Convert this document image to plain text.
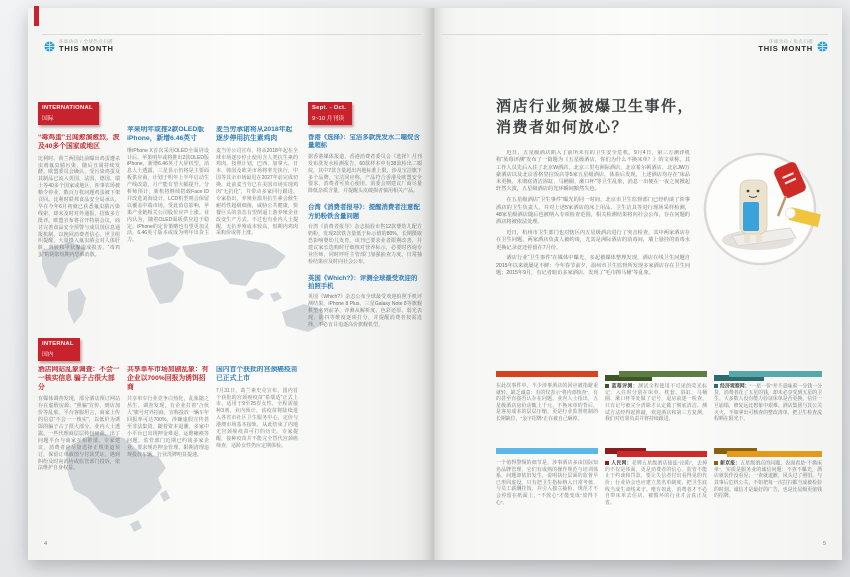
环球动向 / 全球热点扫描
THIS MONTH
INTERNATIONAL
国际

“毒鸡蛋”丑闻愈演愈烈，波及40多个国家或地区

比利时、荷兰两国此前曝出鸡蛋遭杀虫剂氟虫腈污染，随后丑闻持续发酵。欧盟委员会确认，受污染鸡蛋及其制品已流入英国、法国、德国、瑞士等40多个国家或地区，涉事农场被勒令停业，数百万枚问题鸡蛋被下架召回。比利时联邦食品安全局承认，早在今年6月初就已获悉氟虫腈污染线索，却未及时对外通报，招致多方批评。欧盟宣布将召开特别会议，商讨完善食品安全预警与成员国信息通报机制，以挽回消费者信心。世卫组织提醒，大量摄入氟虫腈会对人体肝脏、肾脏和甲状腺造成损害，“毒鸡蛋”的阴影短期内恐难消散。

苹果明年或推2款OLED版iPhone，新增6.46英寸

继iPhone X首次采用OLED全面屏设计后，苹果明年或将推出2款OLED版iPhone，新增6.46英寸大屏机型。消息人士透露，三星显示仍将是主要面板供应商，计划于明年上半年启动生产线改造，月产能有望大幅提升。分析师预计，新机将继续搭载Face ID并改进刘海设计，LCD机型则会保留以覆盖中端市场。受此消息影响，苹果产业链相关公司股价应声上涨。业内认为，随着OLED面板供应趋于稳定，iPhone的定价策略也有望更加灵活，6.46英寸版本或成为明年出货主力。

麦当劳承诺将从2018年起逐步停用抗生素鸡肉

麦当劳公司宣布，将从2018年起在全球市场逐步停止使用含人类抗生素的鸡肉。按照计划，巴西、加拿大、日本、韩国及欧美市场将率先执行，中国等其余市场最迟在2027年前完成切换。此前麦当劳已在美国市场实现鸡肉“无抗化”，并带动多家同行跟进。专家指出，养殖业滥用抗生素会催生耐药性超级细菌，威胁公共健康，快餐巨头的表态有望倒逼上游养殖企业改变生产方式。不过也有业内人士提醒，无抗养殖成本较高，短期内鸡肉采购价或将上涨。

Sept. - Oct.
9~10 月刊读

香港《选择》：宝洁多款洗发水二噁烷含量超标

据香港媒体报道，香港消费者委员会《选择》月刊发布洗发水检测报告，60款样本中有38款检出二噁烷，其中7款含量超出内地标准上限，涉及宝洁旗下多个品牌。宝洁回应称，产品符合香港及欧盟安全要求，消费者可放心使用。消委会则建议厂商尽量降低杂质含量，并提醒头皮破损者慎用相关产品。

台湾《消费者报导》：提醒消费者注意配方奶粉铁含量问题

台湾《消费者报导》杂志抽验市售12款婴幼儿配方奶粉，发现2款铁含量低于标示值的80%，长期摄取恐影响婴幼儿发育。该刊已要求业者限期改善，并建议家长选购时仔细核对营养标示，必要时咨询专业医师，同时呼吁主管部门加强抽查力度，日常抽检结果应及时向社会公布。

英国《Which?》：评测全球最受欢迎的拍照手机

英国《Which?》杂志公布全球最受欢迎拍照手机评测结果，iPhone 8 Plus、三星Galaxy Note 8等旗舰机型名列前茅。评测从解析度、色彩还原、弱光表现、防抖等维度逐项打分，并提醒消费者按需选择，不必盲目追逐高价旗舰机型。

INTERNAL
国内

酒店网站乱象调查：不会一一核实信息 骗子占很大部分

有媒体调查发现，部分酒店预订网站存在虚假房源、“照骗”宣传、到店加价等乱象。平台客服坦言，商家上传的信息“不会一一核实”，以低价为诱饵的骗子占了很大部分。业内人士透露，一些代理商层层转包房源，出了问题平台与商家互相推诿。专家建议，消费者应尽量选择正规渠道预订，保留订单截图与付款凭证，遇到纠纷及时向消协或监管部门投诉，依法维护自身权益。

共享单车市场加剧乱象：有企业以700%回报为诱饵招商

共享单车行业竞争白热化，乱象随之丛生。调查发现，有企业打着“合伙人”旗号对外招商，宣称投放一辆车年回报率可达700%，涉嫌虚假宣传甚至非法集资。随着资本退潮，多家中小平台已出现押金难退、运维瘫痪等问题。监管部门近期已约谈多家企业，要求规范押金管理、限期清理违规投放车辆，行业洗牌明显提速。

国内首个获批的宫颈癌疫苗已正式上市

7月31日，葛兰素史克宣布，国内首个获批的宫颈癌疫苗“希瑞适”正式上市，适用于9至25岁女性，全程需接种3剂。业内预计，该疫苗将陆续进入各省市社区卫生服务中心，定价与港澳市场基本接轨，从此结束了内地无宫颈癌疫苗可打的历史。专家提醒，接种疫苗并不能完全替代宫颈癌筛查，适龄女性仍应定期体检。

4
环球动向 / 焦点扫描
THIS MONTH
酒店行业频被爆卫生事件，
消费者如何放心？

近日，五星级酒店陷入了前所未有的卫生安全危机。9月4日，第三方测评机构“蓝莓评测”发布了一篇题为《五星级酒店，你们为什么不换床单？》的文章称，其工作人员先后入住了北京W酒店、北京三里屯洲际酒店、北京希尔顿酒店、北京JW万豪酒店以及北京香格里拉饭店等5家五星级酒店，体验后发现，上述酒店均存在“床品未更换、未彻底清洁浴缸、马桶圈、漱口杯”等卫生乱象，消息一出便在一夜之间掀起轩然大波，五星级酒店的光环瞬间黯然失色。

在五星级酒店“卫生事件”曝光的同一时间，北京市卫生监督部门已经约谈了涉事酒店的卫生负责人，并对上述5家酒店的床上用品、卫生洁具等进行现场采样检测，48家星级酒店随后也被纳入专项检查范围，相关检测结果将向社会公布，存在问题的酒店将被依法处理。

近日，杭州市卫生部门也对辖区内五星级酒店进行了突击检查，其中两家酒店存在卫生问题，两家酒店负责人被约谈，尤其是洲际酒店的消毒间，墙上悬挂的消毒水更换记录竟还停留在7月份。

酒店行业“卫生事件”在媒体中曝光，多起被媒体整理发现，酒店在线卫生问题自2015年以来就屡见不鲜：今年春节前夕，温州市卫生监督所发现多家酒店存在卫生问题；2015年9月，有记者暗访多家酒店，发现了“毛巾擦马桶”等乱象。

在此次事件中，不少涉事酒店的回应被指避重就轻、缺乏诚意：有的仅表示“将内部核查”，有的甚至直接否认存在问题。业内人士指出，五星级酒店房价动辄上千元，不换床单的背后，是客房成本的层层压缩，更是行业监督机制的长期缺位，“金字招牌”正在被自己砸掉。

蓝莓评测：测试全程使用不可见的荧光标记，入住时分别在床单、枕套、浴缸、马桶圈、漱口杯等处做了记号，退房前逐一检查，只有记号被完全清除才认定做了彻底清洁。测试方法经得起推敲，欢迎酒店和第三方复测，我们对结果负责并将持续跟进。

经济观察网：“一星一价”并不意味着一分钱一分货，消费者花了五星的钱，却未必享受到五星的卫生。大多数人没有能力验证床单是否更换，信任一旦崩塌，修复远比想象中艰难。酒店集团与其公关灭火，不如拿出可核查的整改清单，把卫生检查流程晒在阳光下。

一个值得警惕的细节是，涉事酒店多由国际知名品牌管理，它们有成熟的操作规范与培训体系，问题却依旧发生，说明执行层面的监督早已形同虚设。只有把卫生指标纳入日常考核、与员工薪酬挂钩，并引入独立抽检，规范才不会停留在纸面上，“不放心”才能变成“放得下心”。

人民网：老牌五星级酒店接连“沦陷”，丢掉的不仅是体面，更是消费者的信心。监管不能止于约谈和罚款，要让失信者付出看得见的代价；行业协会也应建立黑名单制度，把卫生底线当成生命线来守。唯有如此，消费者才不必自带床单去住店，被惯坏的行业才会真正反省。

新京报：五星级酒店的问题，表面看是“不换床单”，实质是服务业的诚信问题：不查不曝光，酒店就装作没看见；一查就道歉，风头过了照旧。与其事后危机公关，不如把每一次打扫都当成被检验的时刻。诚信才是最好的广告，也是比星级更值钱的招牌。

5
